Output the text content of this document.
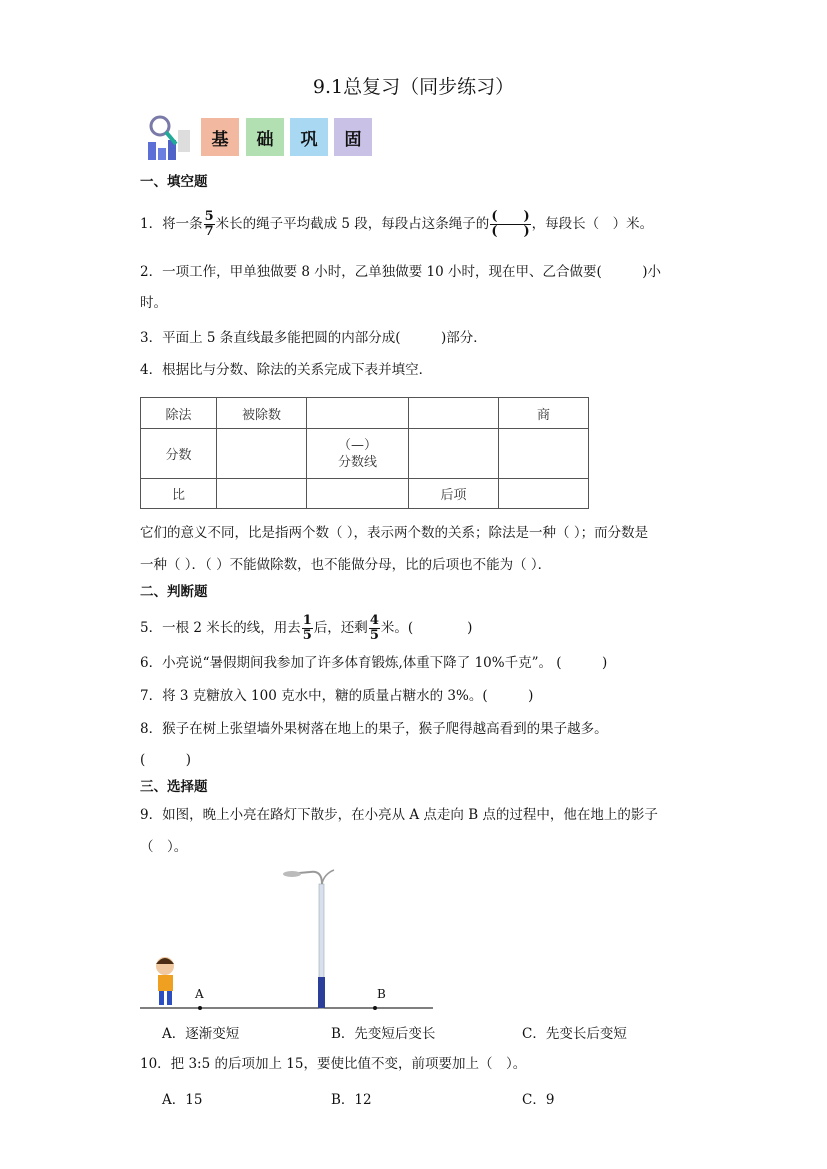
9.1总复习（同步练习）
基	础	巩	固
一、填空题
1．将一条 $\frac{5}{7}$ 米长的绳子平均截成 5 段，每段占这条绳子的 $\frac{( )}{( )}$ ，每段长（　）米。
2．一项工作，甲单独做要 8 小时，乙单独做要 10 小时，现在甲、乙合做要(　　　)小
时。
3．平面上 5 条直线最多能把圆的内部分成(　　　)部分．
4．根据比与分数、除法的关系完成下表并填空．
除法	被除数			商
分数		（—）
分数线		
比			后项	
它们的意义不同，比是指两个数（ ），表示两个数的关系；除法是一种（ ）；而分数是
一种（ ）．（ ）不能做除数，也不能做分母，比的后项也不能为（ ）．
二、判断题
5．一根 2 米长的线，用去 $\frac{1}{5}$ 后，还剩 $\frac{4}{5}$ 米。(　　　　)
6．小亮说“暑假期间我参加了许多体育锻炼,体重下降了 10%千克”。 (　　　)
7．将 3 克糖放入 100 克水中，糖的质量占糖水的 3%。(　　　)
8．猴子在树上张望墙外果树落在地上的果子，猴子爬得越高看到的果子越多。
(　　　)
三、选择题
9．如图，晚上小亮在路灯下散步，在小亮从 A 点走向 B 点的过程中，他在地上的影子
（　）。
A	B
A．逐渐变短	B．先变短后变长	C．先变长后变短
10．把 3:5 的后项加上 15，要使比值不变，前项要加上（　）。
A．15	B．12	C．9
